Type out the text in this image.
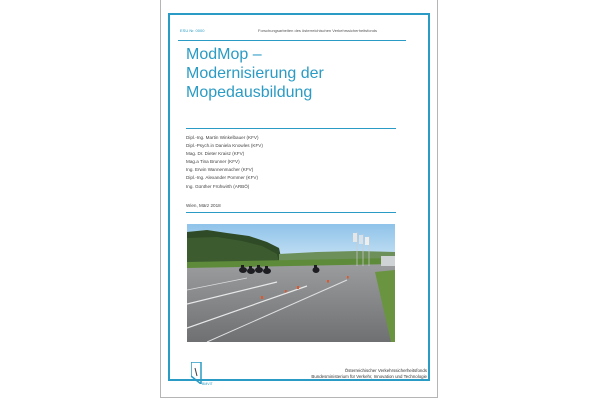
ESU Nr. 0000	Forschungsarbeiten des österreichischen Verkehrssicherheitsfonds
ModMop –
Modernisierung der
Mopedausbildung
Dipl.-Ing. Martin Winkelbauer (KFV)
Dipl.-Psych.in Daniela Knowles (KFV)
Mag. Dr. Dieter Kraisz (KFV)
Mag.a Tina Brunner (KFV)
Ing. Erwin Wannenmacher (KFV)
Dipl.-Ing. Alexander Pommer (KFV)
Ing. Günther Frühwirth (ARBÖ)
Wien, März 2018
BMVIT
Österreichischer Verkehrssicherheitsfonds
Bundesministerium für Verkehr, Innovation und Technologie
